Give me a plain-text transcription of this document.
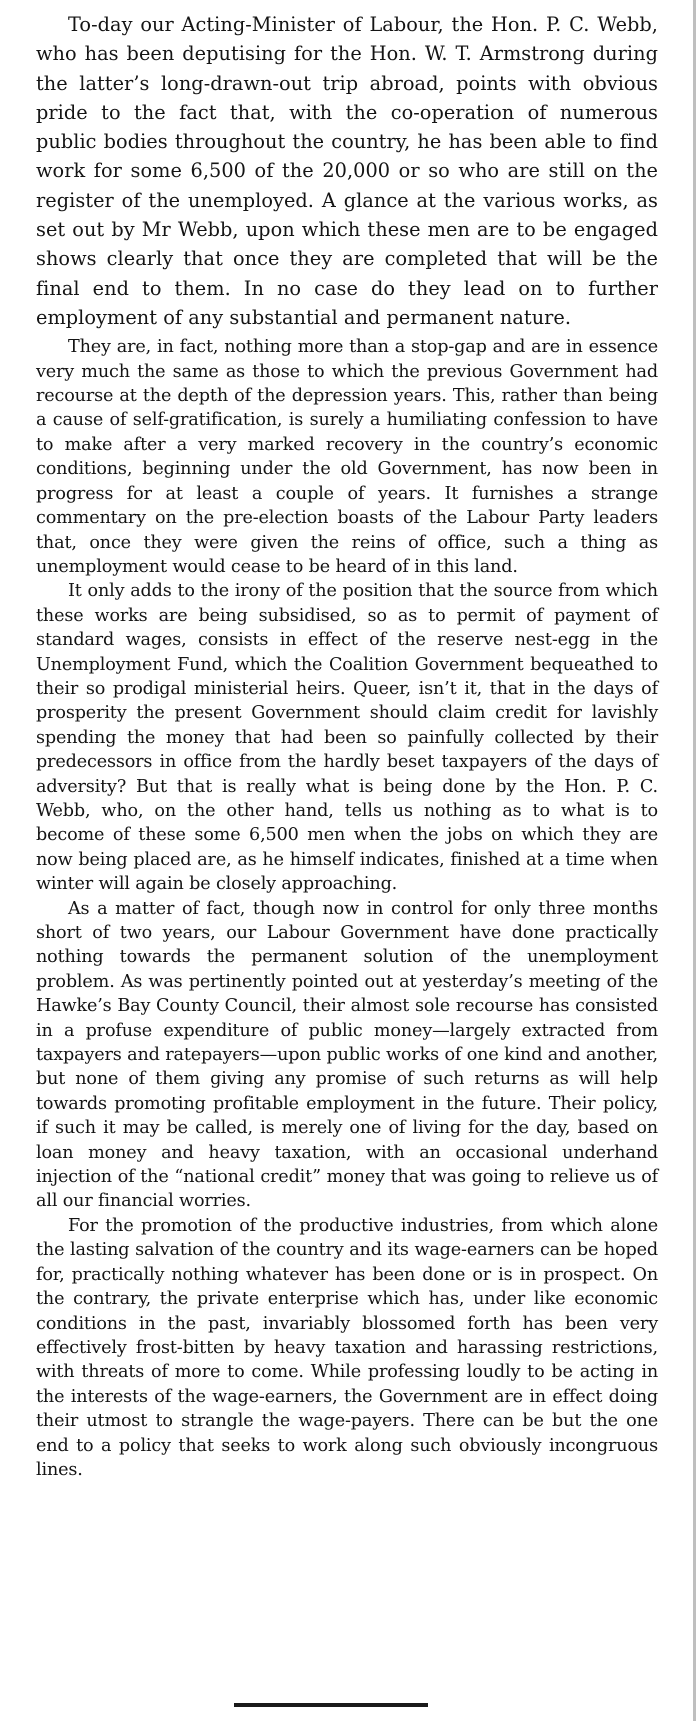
To-day our Acting-Minister of Labour, the Hon. P. C. Webb, who has been deputising for the Hon. W. T. Armstrong during the latter’s long-drawn-out trip abroad, points with obvious pride to the fact that, with the co-operation of numerous public bodies throughout the country, he has been able to find work for some 6,500 of the 20,000 or so who are still on the register of the unemployed. A glance at the various works, as set out by Mr Webb, upon which these men are to be engaged shows clearly that once they are completed that will be the final end to them. In no case do they lead on to further employment of any substantial and permanent nature.

They are, in fact, nothing more than a stop-gap and are in essence very much the same as those to which the previous Government had recourse at the depth of the depression years. This, rather than being a cause of self-gratification, is surely a humiliating confession to have to make after a very marked recovery in the country’s economic conditions, beginning under the old Government, has now been in progress for at least a couple of years. It furnishes a strange commentary on the pre-election boasts of the Labour Party leaders that, once they were given the reins of office, such a thing as unemployment would cease to be heard of in this land.

It only adds to the irony of the position that the source from which these works are being subsidised, so as to permit of payment of standard wages, consists in effect of the reserve nest-egg in the Unemployment Fund, which the Coalition Government bequeathed to their so prodigal ministerial heirs. Queer, isn’t it, that in the days of prosperity the present Government should claim credit for lavishly spending the money that had been so painfully collected by their predecessors in office from the hardly beset taxpayers of the days of adversity? But that is really what is being done by the Hon. P. C. Webb, who, on the other hand, tells us nothing as to what is to become of these some 6,500 men when the jobs on which they are now being placed are, as he himself indicates, finished at a time when winter will again be closely approaching.

As a matter of fact, though now in control for only three months short of two years, our Labour Government have done practically nothing towards the permanent solution of the unemployment problem. As was pertinently pointed out at yesterday’s meeting of the Hawke’s Bay County Council, their almost sole recourse has consisted in a profuse expenditure of public money—largely extracted from taxpayers and ratepayers—upon public works of one kind and another, but none of them giving any promise of such returns as will help towards promoting profitable employment in the future. Their policy, if such it may be called, is merely one of living for the day, based on loan money and heavy taxation, with an occasional underhand injection of the “national credit” money that was going to relieve us of all our financial worries.

For the promotion of the productive industries, from which alone the lasting salvation of the country and its wage-earners can be hoped for, practically nothing whatever has been done or is in prospect. On the contrary, the private enterprise which has, under like economic conditions in the past, invariably blossomed forth has been very effectively frost-bitten by heavy taxation and harassing restrictions, with threats of more to come. While professing loudly to be acting in the interests of the wage-earners, the Government are in effect doing their utmost to strangle the wage-payers. There can be but the one end to a policy that seeks to work along such obviously incongruous lines.
